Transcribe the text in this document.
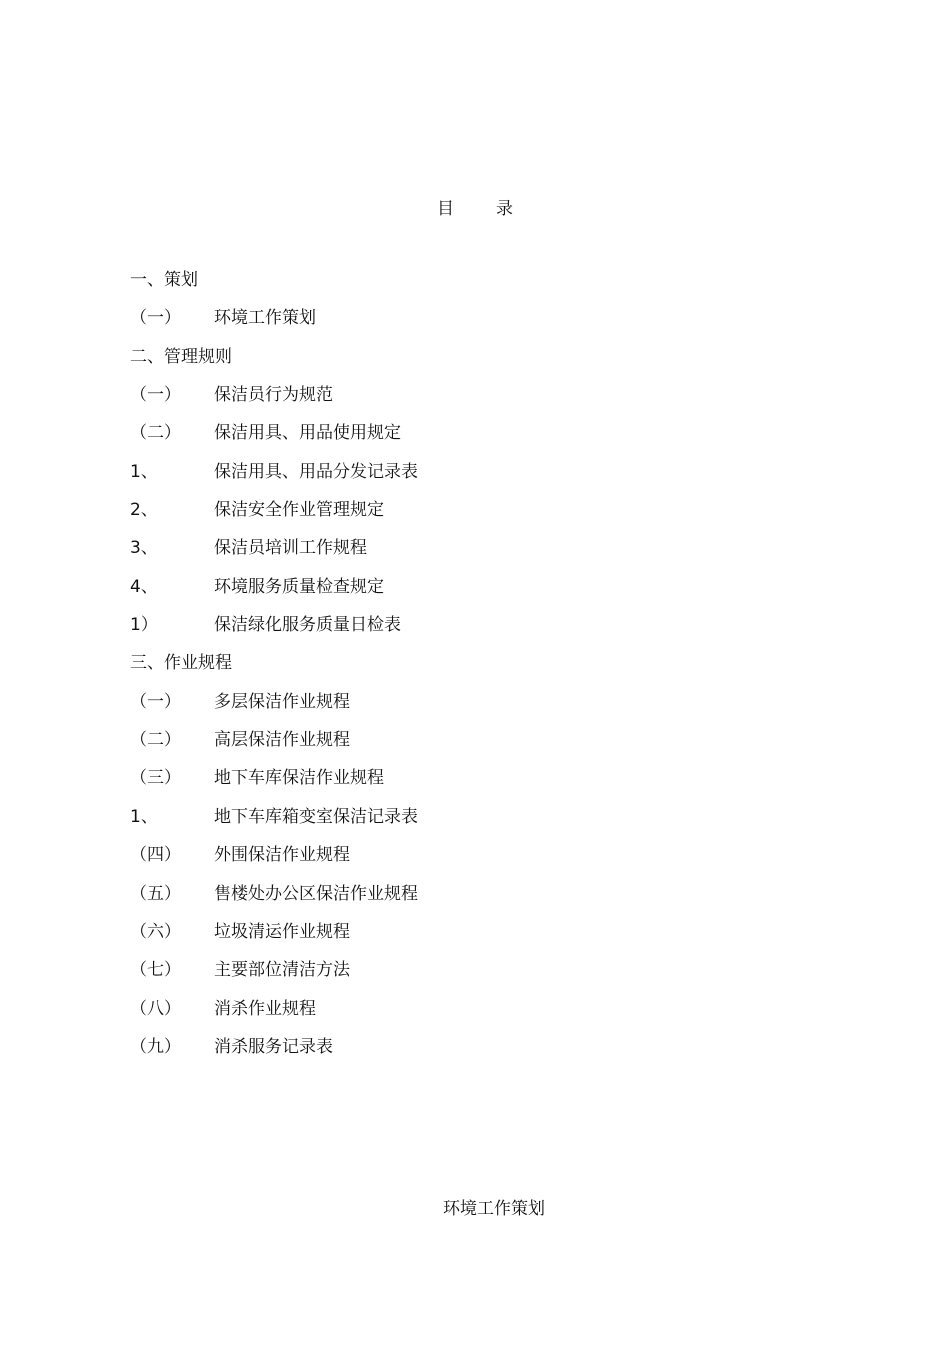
目 录
一、策划
（一） 环境工作策划
二、管理规则
（一） 保洁员行为规范
（二） 保洁用具、用品使用规定
1、	保洁用具、用品分发记录表
2、	保洁安全作业管理规定
3、	保洁员培训工作规程
4、	环境服务质量检查规定
1）	保洁绿化服务质量日检表
三、作业规程
（一） 多层保洁作业规程
（二） 高层保洁作业规程
（三） 地下车库保洁作业规程
1、	地下车库箱变室保洁记录表
（四） 外围保洁作业规程
（五） 售楼处办公区保洁作业规程
（六） 垃圾清运作业规程
（七） 主要部位清洁方法
（八） 消杀作业规程
（九） 消杀服务记录表
环境工作策划
